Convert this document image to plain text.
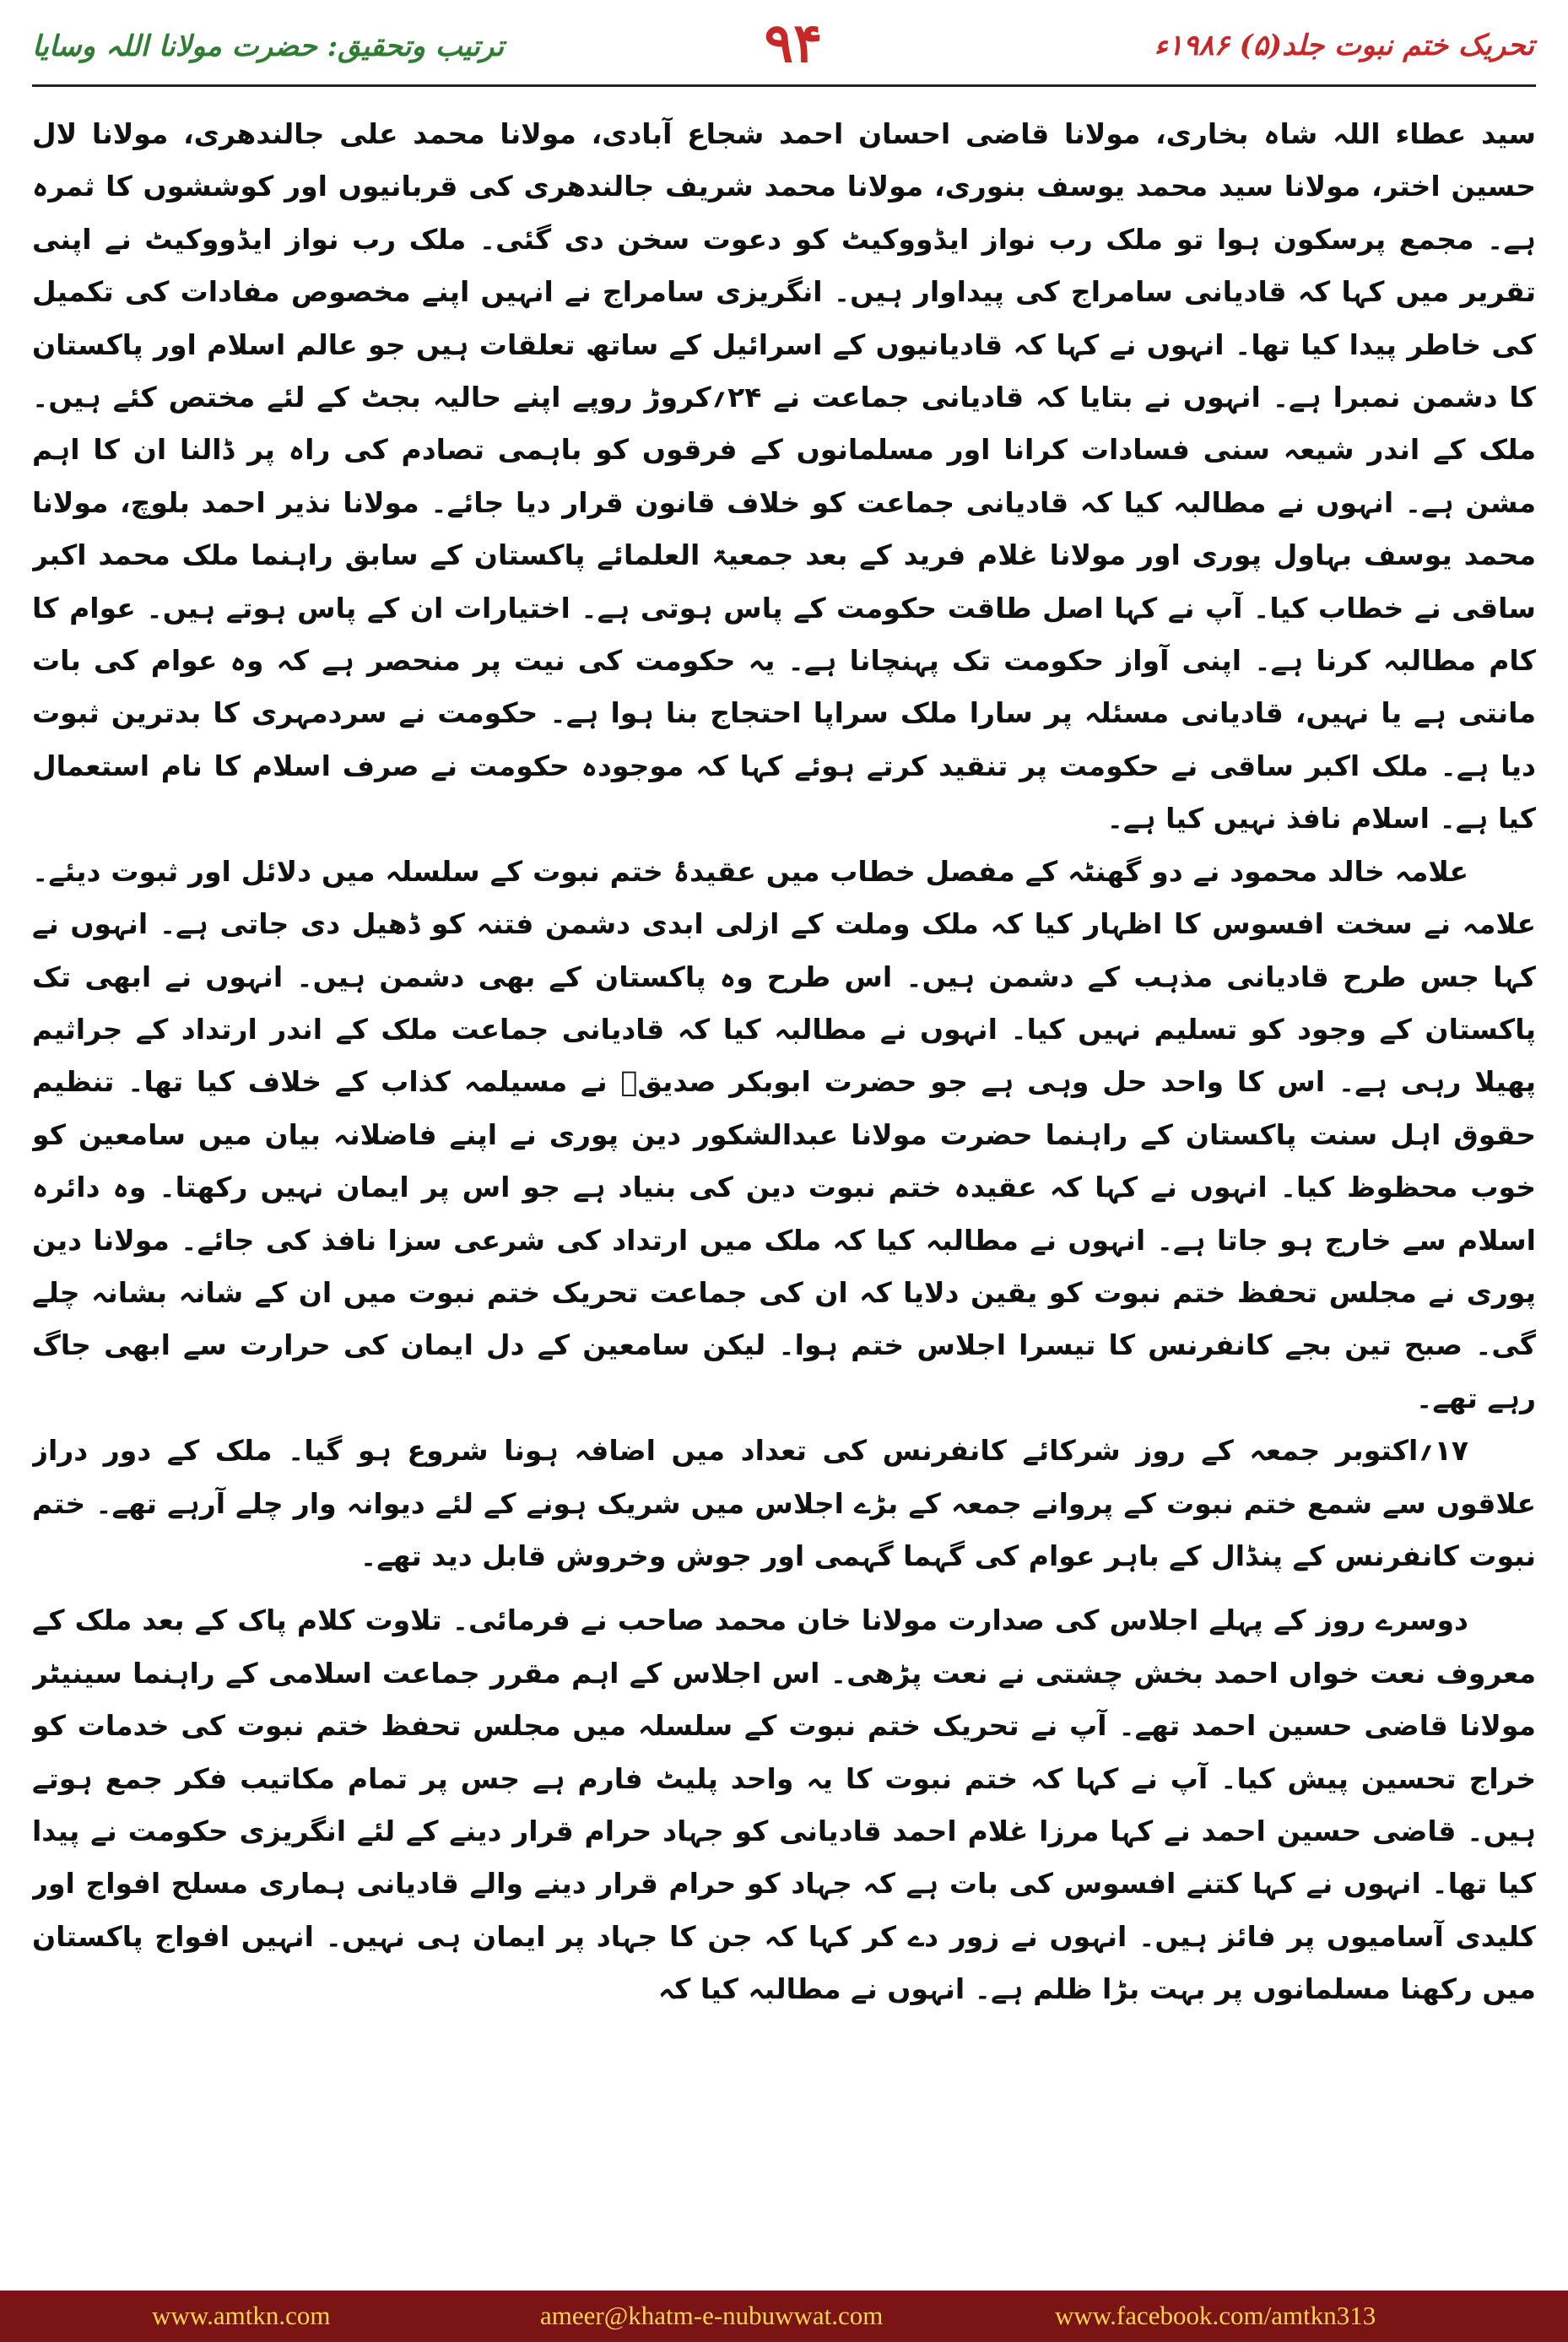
ترتیب وتحقیق: حضرت مولانا اللہ وسایا	۹۴	تحریک ختم نبوت جلد(۵) ۱۹۸۶ء

سید عطاء اللہ شاہ بخاری، مولانا قاضی احسان احمد شجاع آبادی، مولانا محمد علی جالندھری، مولانا لال حسین اختر، مولانا سید محمد یوسف بنوری، مولانا محمد شریف جالندھری کی قربانیوں اور کوششوں کا ثمرہ ہے۔ مجمع پرسکون ہوا تو ملک رب نواز ایڈووکیٹ کو دعوت سخن دی گئی۔ ملک رب نواز ایڈووکیٹ نے اپنی تقریر میں کہا کہ قادیانی سامراج کی پیداوار ہیں۔ انگریزی سامراج نے انہیں اپنے مخصوص مفادات کی تکمیل کی خاطر پیدا کیا تھا۔ انہوں نے کہا کہ قادیانیوں کے اسرائیل کے ساتھ تعلقات ہیں جو عالم اسلام اور پاکستان کا دشمن نمبرا ہے۔ انہوں نے بتایا کہ قادیانی جماعت نے ۲۴؍کروڑ روپے اپنے حالیہ بجٹ کے لئے مختص کئے ہیں۔ ملک کے اندر شیعہ سنی فسادات کرانا اور مسلمانوں کے فرقوں کو باہمی تصادم کی راہ پر ڈالنا ان کا اہم مشن ہے۔ انہوں نے مطالبہ کیا کہ قادیانی جماعت کو خلاف قانون قرار دیا جائے۔ مولانا نذیر احمد بلوچ، مولانا محمد یوسف بہاول پوری اور مولانا غلام فرید کے بعد جمعیۃ العلمائے پاکستان کے سابق راہنما ملک محمد اکبر ساقی نے خطاب کیا۔ آپ نے کہا اصل طاقت حکومت کے پاس ہوتی ہے۔ اختیارات ان کے پاس ہوتے ہیں۔ عوام کا کام مطالبہ کرنا ہے۔ اپنی آواز حکومت تک پہنچانا ہے۔ یہ حکومت کی نیت پر منحصر ہے کہ وہ عوام کی بات مانتی ہے یا نہیں، قادیانی مسئلہ پر سارا ملک سراپا احتجاج بنا ہوا ہے۔ حکومت نے سردمہری کا بدترین ثبوت دیا ہے۔ ملک اکبر ساقی نے حکومت پر تنقید کرتے ہوئے کہا کہ موجودہ حکومت نے صرف اسلام کا نام استعمال کیا ہے۔ اسلام نافذ نہیں کیا ہے۔

علامہ خالد محمود نے دو گھنٹہ کے مفصل خطاب میں عقیدۂ ختم نبوت کے سلسلہ میں دلائل اور ثبوت دیئے۔ علامہ نے سخت افسوس کا اظہار کیا کہ ملک وملت کے ازلی ابدی دشمن فتنہ کو ڈھیل دی جاتی ہے۔ انہوں نے کہا جس طرح قادیانی مذہب کے دشمن ہیں۔ اس طرح وہ پاکستان کے بھی دشمن ہیں۔ انہوں نے ابھی تک پاکستان کے وجود کو تسلیم نہیں کیا۔ انہوں نے مطالبہ کیا کہ قادیانی جماعت ملک کے اندر ارتداد کے جراثیم پھیلا رہی ہے۔ اس کا واحد حل وہی ہے جو حضرت ابوبکر صدیقؓ نے مسیلمہ کذاب کے خلاف کیا تھا۔ تنظیم حقوق اہل سنت پاکستان کے راہنما حضرت مولانا عبدالشکور دین پوری نے اپنے فاضلانہ بیان میں سامعین کو خوب محظوظ کیا۔ انہوں نے کہا کہ عقیدہ ختم نبوت دین کی بنیاد ہے جو اس پر ایمان نہیں رکھتا۔ وہ دائرہ اسلام سے خارج ہو جاتا ہے۔ انہوں نے مطالبہ کیا کہ ملک میں ارتداد کی شرعی سزا نافذ کی جائے۔ مولانا دین پوری نے مجلس تحفظ ختم نبوت کو یقین دلایا کہ ان کی جماعت تحریک ختم نبوت میں ان کے شانہ بشانہ چلے گی۔ صبح تین بجے کانفرنس کا تیسرا اجلاس ختم ہوا۔ لیکن سامعین کے دل ایمان کی حرارت سے ابھی جاگ رہے تھے۔

۱۷؍اکتوبر جمعہ کے روز شرکائے کانفرنس کی تعداد میں اضافہ ہونا شروع ہو گیا۔ ملک کے دور دراز علاقوں سے شمع ختم نبوت کے پروانے جمعہ کے بڑے اجلاس میں شریک ہونے کے لئے دیوانہ وار چلے آرہے تھے۔ ختم نبوت کانفرنس کے پنڈال کے باہر عوام کی گہما گہمی اور جوش وخروش قابل دید تھے۔

دوسرے روز کے پہلے اجلاس کی صدارت مولانا خان محمد صاحب نے فرمائی۔ تلاوت کلام پاک کے بعد ملک کے معروف نعت خواں احمد بخش چشتی نے نعت پڑھی۔ اس اجلاس کے اہم مقرر جماعت اسلامی کے راہنما سینیٹر مولانا قاضی حسین احمد تھے۔ آپ نے تحریک ختم نبوت کے سلسلہ میں مجلس تحفظ ختم نبوت کی خدمات کو خراج تحسین پیش کیا۔ آپ نے کہا کہ ختم نبوت کا یہ واحد پلیٹ فارم ہے جس پر تمام مکاتیب فکر جمع ہوتے ہیں۔ قاضی حسین احمد نے کہا مرزا غلام احمد قادیانی کو جہاد حرام قرار دینے کے لئے انگریزی حکومت نے پیدا کیا تھا۔ انہوں نے کہا کتنے افسوس کی بات ہے کہ جہاد کو حرام قرار دینے والے قادیانی ہماری مسلح افواج اور کلیدی آسامیوں پر فائز ہیں۔ انہوں نے زور دے کر کہا کہ جن کا جہاد پر ایمان ہی نہیں۔ انہیں افواج پاکستان میں رکھنا مسلمانوں پر بہت بڑا ظلم ہے۔ انہوں نے مطالبہ کیا کہ

www.amtkn.com	ameer@khatm-e-nubuwwat.com	www.facebook.com/amtkn313
